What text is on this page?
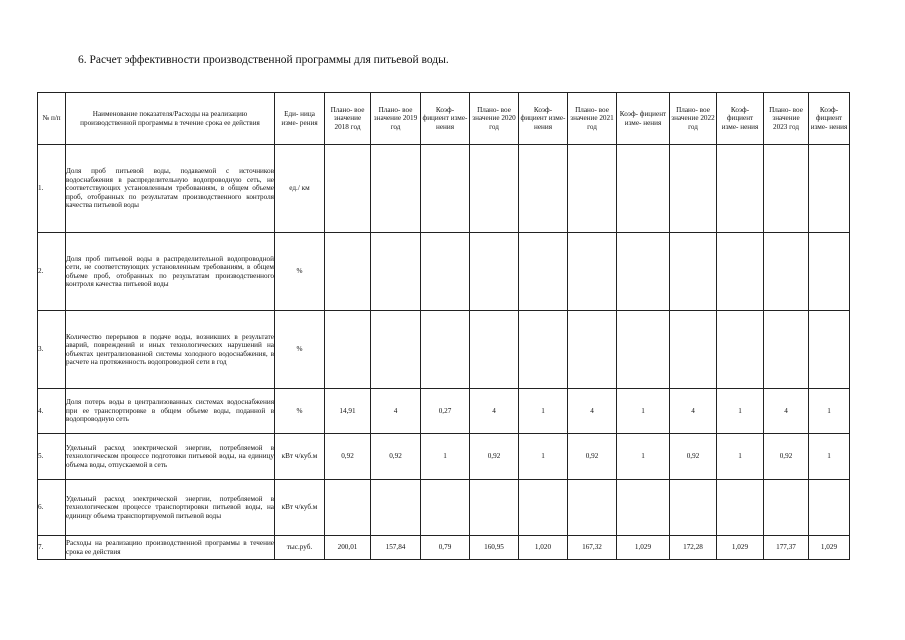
6. Расчет эффективности производственной программы для питьевой воды.
№ п/п	Наименование показателя/Расходы на реализацию производственной программы в течение срока ее действия	Еди- ница изме- рения	Плано- вое значение 2018 год	Плано- вое значение 2019 год	Коэф- фициент изме- нения	Плано- вое значение 2020 год	Коэф- фициент изме- нения	Плано- вое значение 2021 год	Коэф- фициент изме- нения	Плано- вое значение 2022 год	Коэф- фициент изме- нения	Плано- вое значение 2023 год	Коэф- фициент изме- нения
1.	Доля проб питьевой воды, подаваемой с источников водоснабжения в распределительную водопроводную сеть, не соответствующих установленным требованиям, в общем объеме проб, отобранных по результатам производственного контроля качества питьевой воды	ед./ км											
2.	Доля проб питьевой воды в распределительной водопроводной сети, не соответствующих установленным требованиям, в общем объеме проб, отобранных по результатам производственного контроля качества питьевой воды	%											
3.	Количество перерывов в подаче воды, возникших в результате аварий, повреждений и иных технологических нарушений на объектах централизованной системы холодного водоснабжения, в расчете на протяженность водопроводной сети в год	%											
4.	Доля потерь воды в централизованных системах водоснабжения при ее транспортировке в общем объеме воды, поданной в водопроводную сеть	%	14,91	4	0,27	4	1	4	1	4	1	4	1
5.	Удельный расход электрической энергии, потребляемой в технологическом процессе подготовки питьевой воды, на единицу объема воды, отпускаемой в сеть	кВт ч/куб.м	0,92	0,92	1	0,92	1	0,92	1	0,92	1	0,92	1
6.	Удельный расход электрической энергии, потребляемой в технологическом процессе транспортировки питьевой воды, на единицу объема транспортируемой питьевой воды	кВт ч/куб.м											
7.	Расходы на реализацию производственной программы в течение срока ее действия	тыс.руб.	200,01	157,84	0,79	160,95	1,020	167,32	1,029	172,28	1,029	177,37	1,029
